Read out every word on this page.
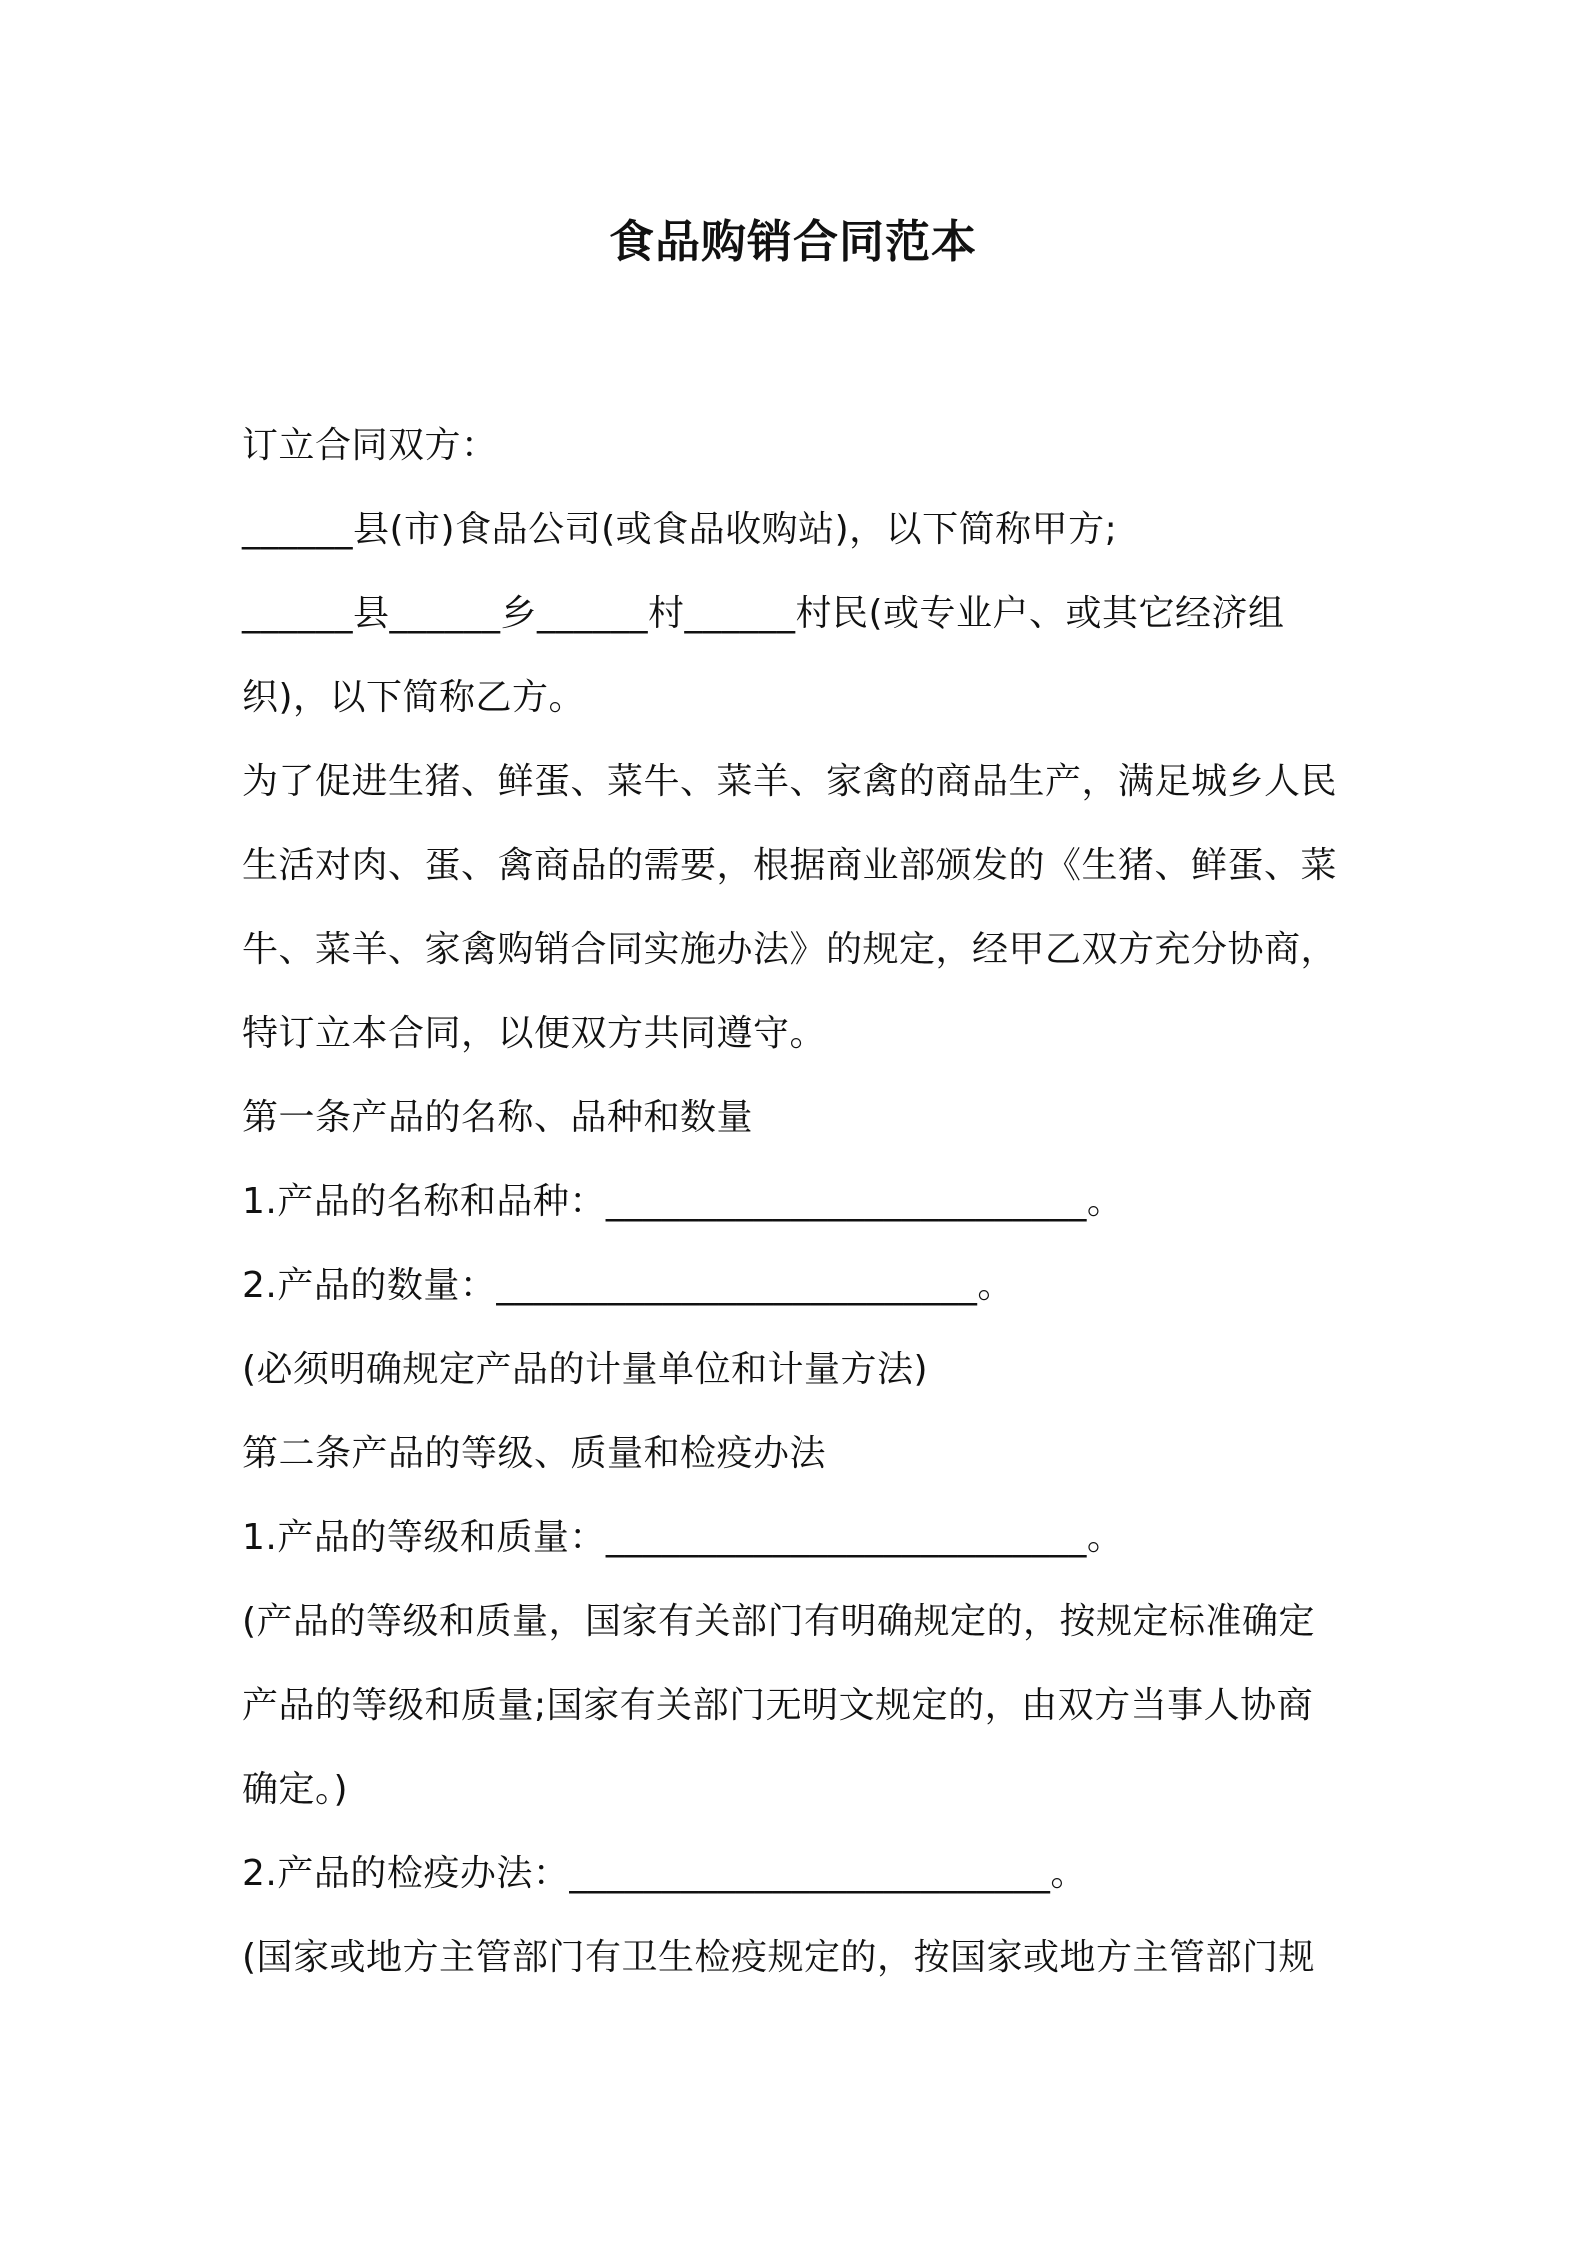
食品购销合同范本
订立合同双方：
______县(市)食品公司(或食品收购站)，以下简称甲方;
______县______乡______村______村民(或专业户、或其它经济组
织)，以下简称乙方。
为了促进生猪、鲜蛋、菜牛、菜羊、家禽的商品生产，满足城乡人民
生活对肉、蛋、禽商品的需要，根据商业部颁发的《生猪、鲜蛋、菜
牛、菜羊、家禽购销合同实施办法》的规定，经甲乙双方充分协商，
特订立本合同，以便双方共同遵守。
第一条产品的名称、品种和数量
1.产品的名称和品种：__________________________。
2.产品的数量：__________________________。
(必须明确规定产品的计量单位和计量方法)
第二条产品的等级、质量和检疫办法
1.产品的等级和质量：__________________________。
(产品的等级和质量，国家有关部门有明确规定的，按规定标准确定
产品的等级和质量;国家有关部门无明文规定的，由双方当事人协商
确定。)
2.产品的检疫办法：__________________________。
(国家或地方主管部门有卫生检疫规定的，按国家或地方主管部门规
